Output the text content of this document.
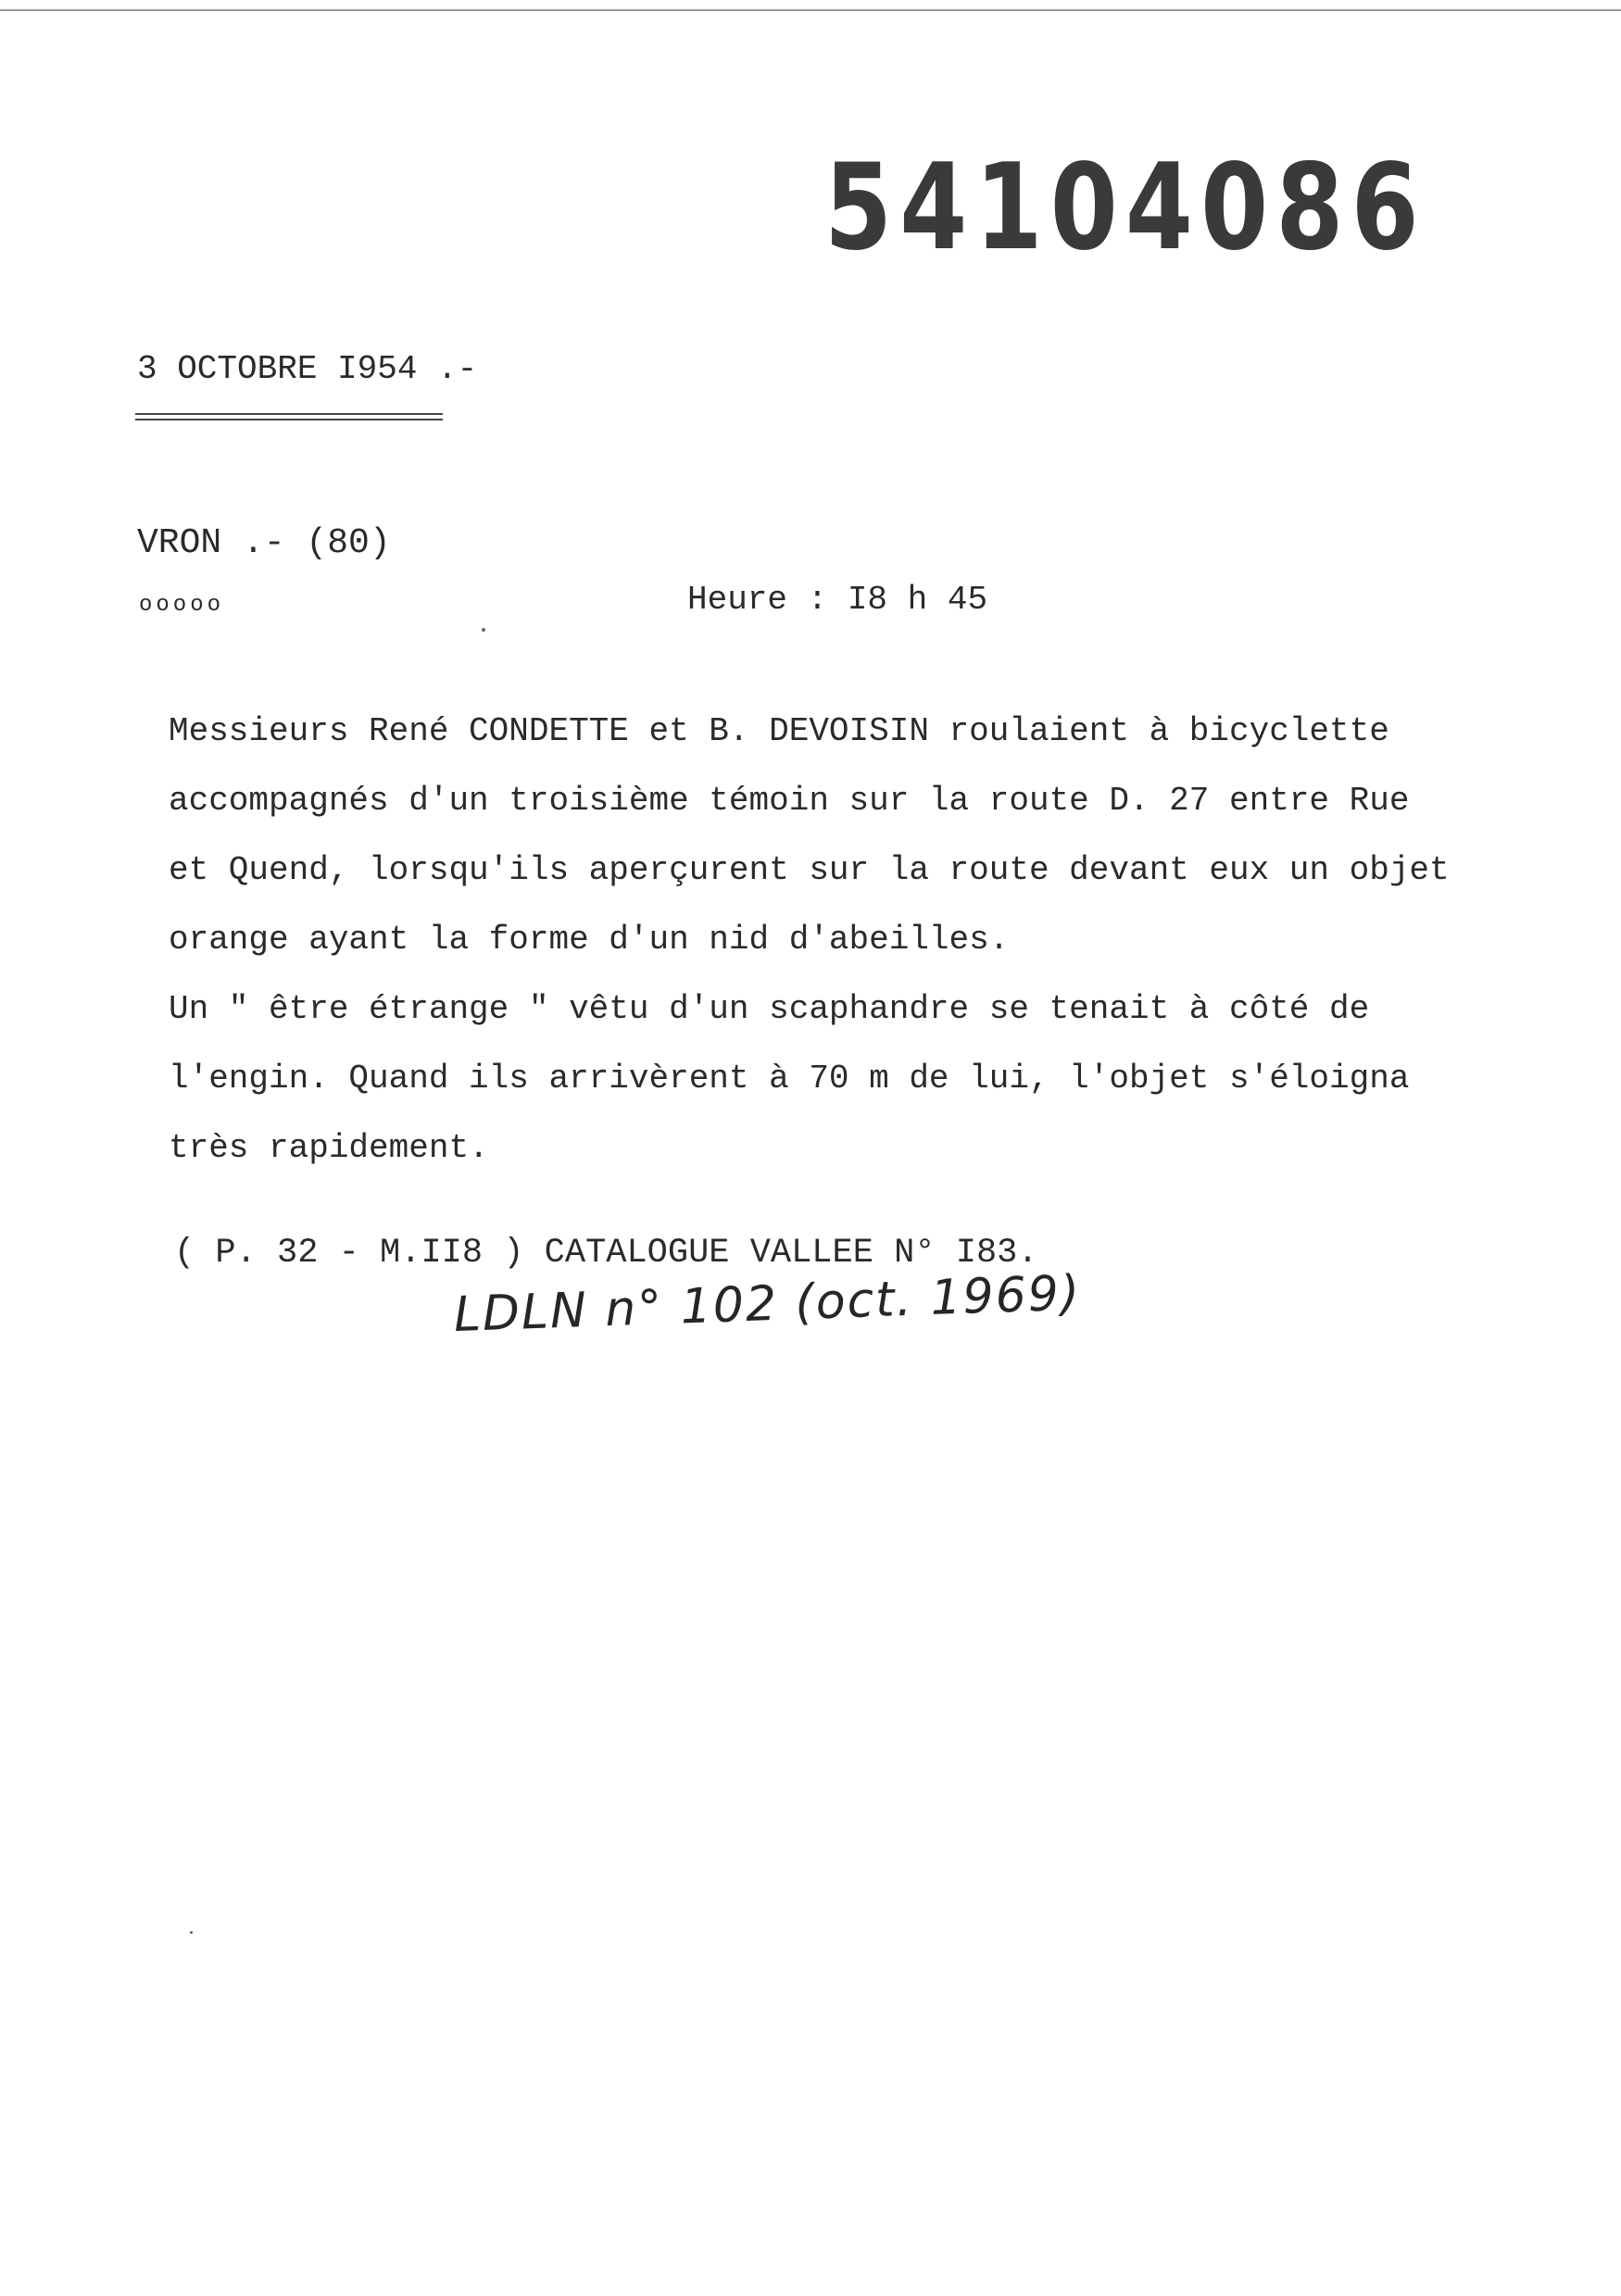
54104086
3 OCTOBRE I954 .-
VRON .- (80)
ooooo	Heure : I8 h 45
Messieurs René CONDETTE et B. DEVOISIN roulaient à bicyclette
accompagnés d'un troisième témoin sur la route D. 27 entre Rue
et Quend, lorsqu'ils aperçurent sur la route devant eux un objet
orange ayant la forme d'un nid d'abeilles.
Un " être étrange " vêtu d'un scaphandre se tenait à côté de
l'engin. Quand ils arrivèrent à 70 m de lui, l'objet s'éloigna
très rapidement.
( P. 32 - M.II8 ) CATALOGUE VALLEE N° I83.
LDLN n° 102 (oct. 1969)
